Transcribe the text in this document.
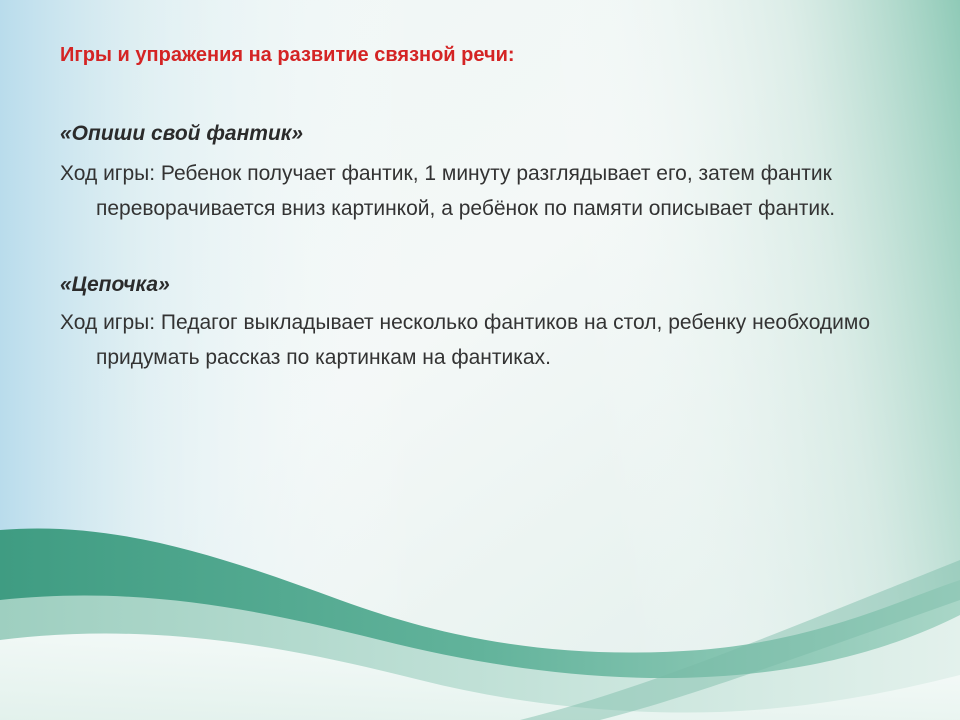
Игры и упражения на развитие связной речи:

«Опиши свой фантик»

Ход игры: Ребенок получает фантик, 1 минуту разглядывает его, затем фантик переворачивается вниз картинкой, а ребёнок по памяти описывает фантик.

«Цепочка»

Ход игры: Педагог выкладывает несколько фантиков на стол, ребенку необходимо придумать рассказ по картинкам на фантиках.
